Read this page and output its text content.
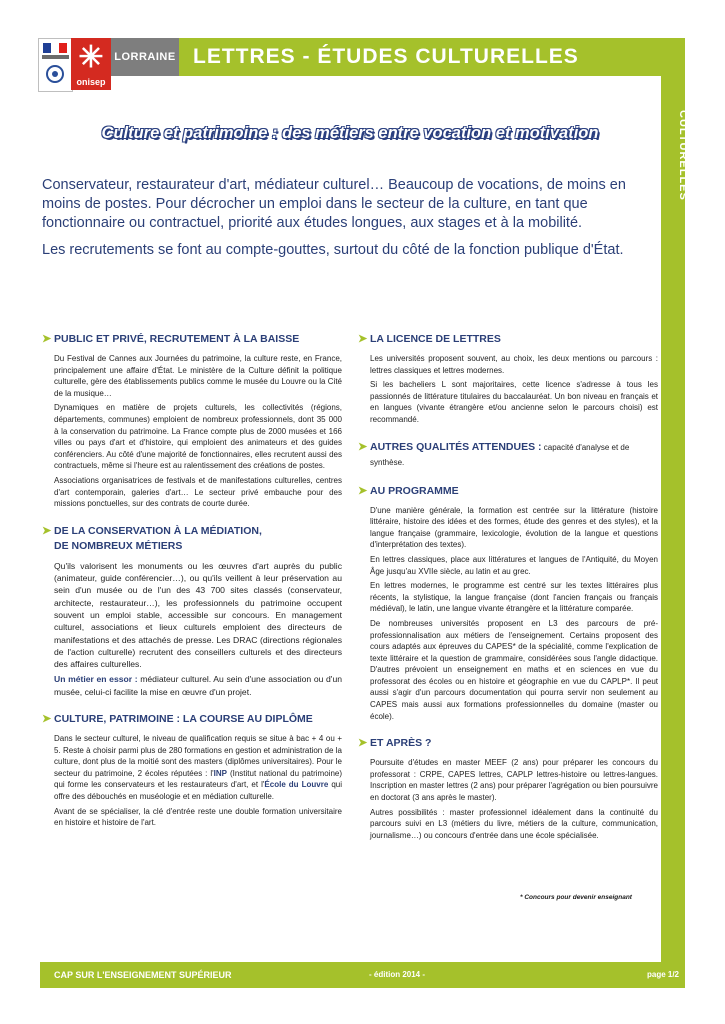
✳
onisep
LORRAINE LETTRES - ÉTUDES CULTURELLES
LETTRES - ÉTUDES CULTURELLES
Culture et patrimoine : des métiers entre vocation et motivation

Conservateur, restaurateur d'art, médiateur culturel… Beaucoup de vocations, de moins en moins de postes. Pour décrocher un emploi dans le secteur de la culture, en tant que fonctionnaire ou contractuel, priorité aux études longues, aux stages et à la mobilité.

Les recrutements se font au compte-gouttes, surtout du côté de la fonction publique d'État.

➤ PUBLIC ET PRIVÉ, RECRUTEMENT À LA BAISSE

Du Festival de Cannes aux Journées du patrimoine, la culture reste, en France, principalement une affaire d'État. Le ministère de la Culture définit la politique culturelle, gère des établissements publics comme le musée du Louvre ou la Cité de la musique…

Dynamiques en matière de projets culturels, les collectivités (régions, départements, communes) emploient de nombreux professionnels, dont 35 000 à la conservation du patrimoine. La France compte plus de 2000 musées et 166 villes ou pays d'art et d'histoire, qui emploient des animateurs et des guides conférenciers. Au côté d'une majorité de fonctionnaires, elles recrutent aussi des contractuels, même si l'heure est au ralentissement des créations de postes.

Associations organisatrices de festivals et de manifestations culturelles, centres d'art contemporain, galeries d'art… Le secteur privé embauche pour des missions ponctuelles, sur des contrats de courte durée.

➤ DE LA CONSERVATION À LA MÉDIATION,
DE NOMBREUX MÉTIERS

Qu'ils valorisent les monuments ou les œuvres d'art auprès du public (animateur, guide conférencier…), ou qu'ils veillent à leur préservation au sein d'un musée ou de l'un des 43 700 sites classés (conservateur, architecte, restaurateur…), les professionnels du patrimoine occupent souvent un emploi stable, accessible sur concours. En management culturel, associations et lieux culturels emploient des directeurs de manifestations et des attachés de presse. Les DRAC (directions régionales de l'action culturelle) recrutent des conseillers culturels et des directeurs des affaires culturelles.

Un métier en essor : médiateur culturel. Au sein d'une association ou d'un musée, celui-ci facilite la mise en œuvre d'un projet.

➤ CULTURE, PATRIMOINE : LA COURSE AU DIPLÔME

Dans le secteur culturel, le niveau de qualification requis se situe à bac + 4 ou + 5. Reste à choisir parmi plus de 280 formations en gestion et administration de la culture, dont plus de la moitié sont des masters (diplômes universitaires). Pour le secteur du patrimoine, 2 écoles réputées : l'INP (Institut national du patrimoine) qui forme les conservateurs et les restaurateurs d'art, et l'École du Louvre qui offre des débouchés en muséologie et en médiation culturelle.

Avant de se spécialiser, la clé d'entrée reste une double formation universitaire en histoire et histoire de l'art.

➤ LA LICENCE DE LETTRES

Les universités proposent souvent, au choix, les deux mentions ou parcours : lettres classiques et lettres modernes.

Si les bacheliers L sont majoritaires, cette licence s'adresse à tous les passionnés de littérature titulaires du baccalauréat. Un bon niveau en français et en langues (vivante étrangère et/ou ancienne selon le parcours choisi) est recommandé.

➤ AUTRES QUALITÉS ATTENDUES : capacité d'analyse et de synthèse.
➤ AU PROGRAMME

D'une manière générale, la formation est centrée sur la littérature (histoire littéraire, histoire des idées et des formes, étude des genres et des styles), et la langue française (grammaire, lexicologie, évolution de la langue et questions d'interprétation des textes).

En lettres classiques, place aux littératures et langues de l'Antiquité, du Moyen Âge jusqu'au XVIIe siècle, au latin et au grec.

En lettres modernes, le programme est centré sur les textes littéraires plus récents, la stylistique, la langue française (dont l'ancien français ou français médiéval), le latin, une langue vivante étrangère et la littérature comparée.

De nombreuses universités proposent en L3 des parcours de pré-professionnalisation aux métiers de l'enseignement. Certains proposent des cours adaptés aux épreuves du CAPES* de la spécialité, comme l'explication de texte littéraire et la question de grammaire, considérées sous l'angle didactique. D'autres prévoient un enseignement en maths et en sciences en vue du professorat des écoles ou en histoire et géographie en vue du CAPLP*. Il peut aussi s'agir d'un parcours documentation qui pourra servir non seulement au CAPES mais aussi aux formations professionnelles du domaine (master ou école).

➤ ET APRÈS ?

Poursuite d'études en master MEEF (2 ans) pour préparer les concours du professorat : CRPE, CAPES lettres, CAPLP lettres-histoire ou lettres-langues. Inscription en master lettres (2 ans) pour préparer l'agrégation ou bien poursuivre en doctorat (3 ans après le master).

Autres possibilités : master professionnel idéalement dans la continuité du parcours suivi en L3 (métiers du livre, métiers de la culture, communication, journalisme…) ou concours d'entrée dans une école spécialisée.

* Concours pour devenir enseignant
CAP SUR L'ENSEIGNEMENT SUPÉRIEUR	- édition 2014 -	page 1/2
